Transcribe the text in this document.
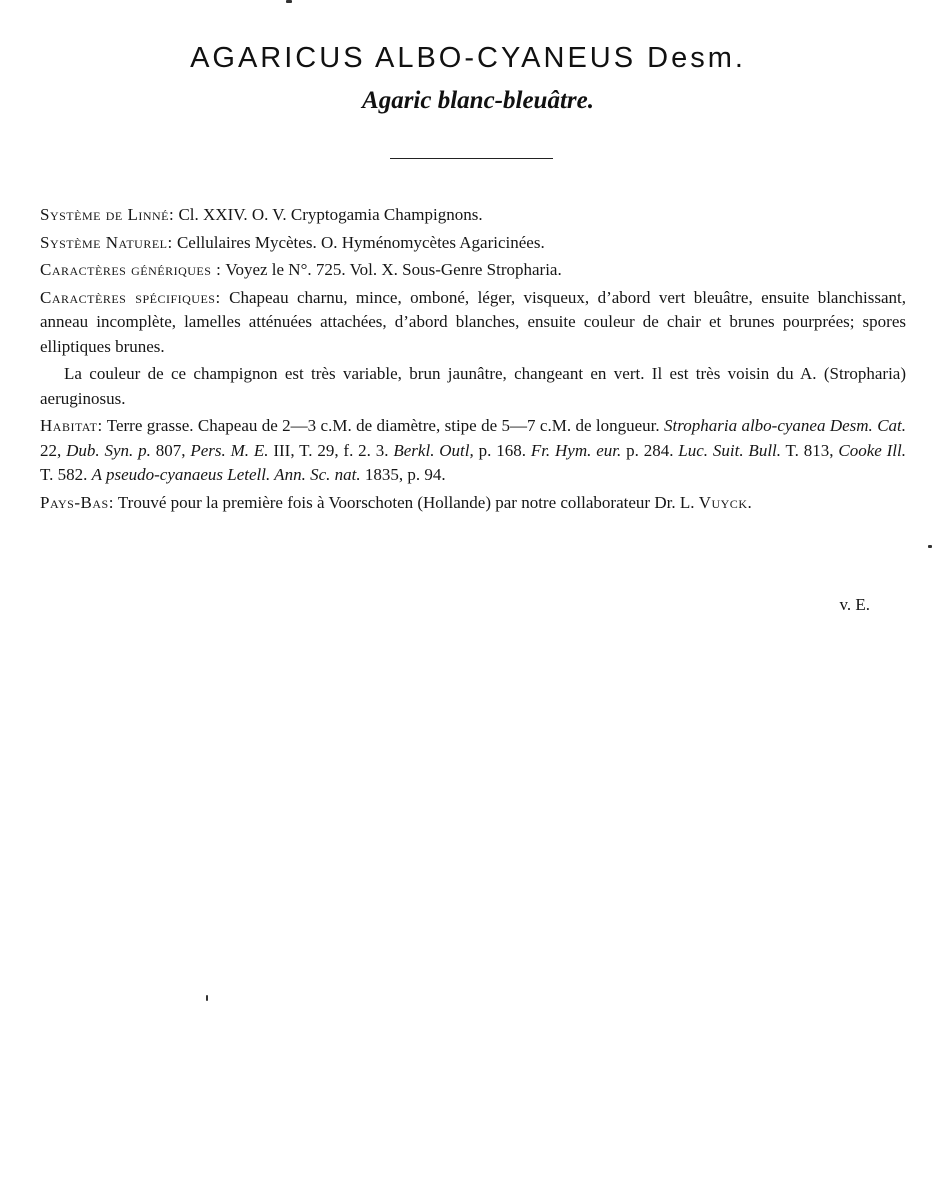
AGARICUS ALBO-CYANEUS Desm.
Agaric blanc-bleuâtre.

Système de Linné: Cl. XXIV. O. V. Cryptogamia Champignons.

Système Naturel: Cellulaires Mycètes. O. Hyménomycètes Agaricinées.

Caractères génériques : Voyez le N°. 725. Vol. X. Sous-Genre Stropharia.

Caractères spécifiques: Chapeau charnu, mince, omboné, léger, visqueux, d’abord vert bleuâtre, ensuite blanchissant, anneau incomplète, lamelles atténuées attachées, d’abord blanches, ensuite couleur de chair et brunes pourprées; spores elliptiques brunes.

La couleur de ce champignon est très variable, brun jaunâtre, changeant en vert. Il est très voisin du A. (Stropharia) aeruginosus.

Habitat: Terre grasse. Chapeau de 2—3 c.M. de diamètre, stipe de 5—7 c.M. de longueur. Stropharia albo-cyanea Desm. Cat. 22, Dub. Syn. p. 807, Pers. M. E. III, T. 29, f. 2. 3. Berkl. Outl, p. 168. Fr. Hym. eur. p. 284. Luc. Suit. Bull. T. 813, Cooke Ill. T. 582. A pseudo-cyanaeus Letell. Ann. Sc. nat. 1835, p. 94.

Pays-Bas: Trouvé pour la première fois à Voorschoten (Hollande) par notre collaborateur Dr. L. Vuyck.

v. E.
